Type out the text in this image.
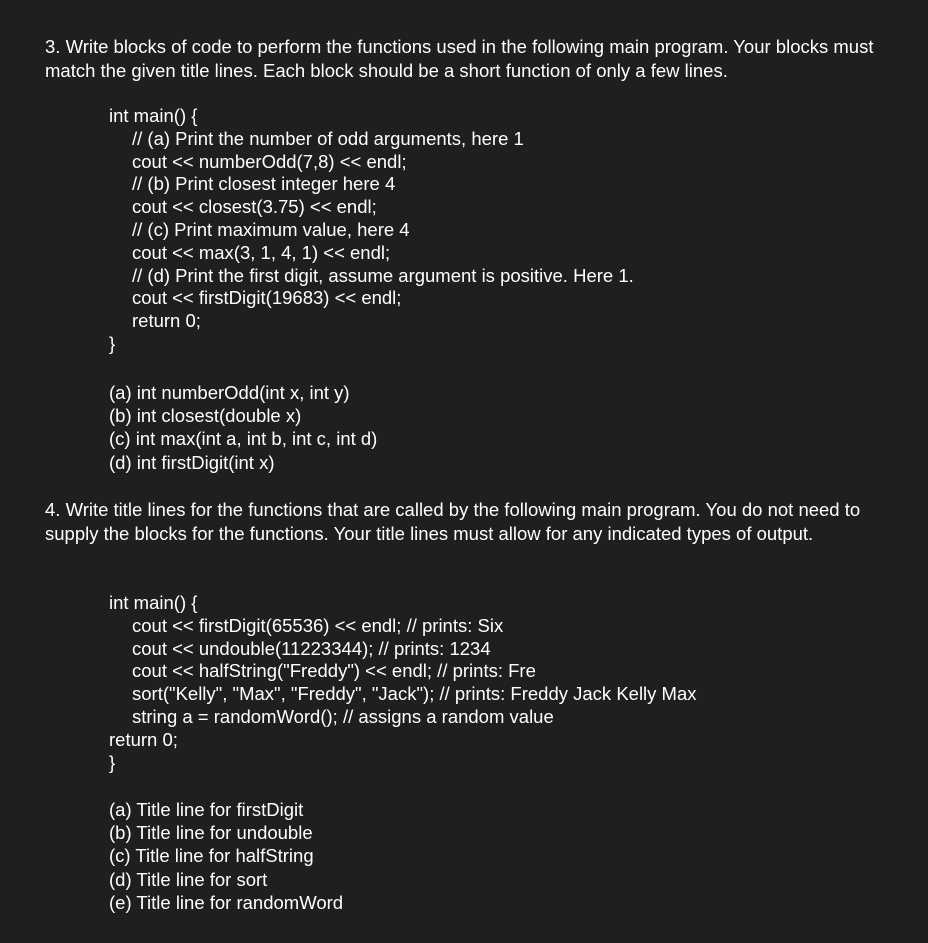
3. Write blocks of code to perform the functions used in the following main program. Your blocks must match the given title lines. Each block should be a short function of only a few lines.

int main() {
// (a) Print the number of odd arguments, here 1
cout << numberOdd(7,8) << endl;
// (b) Print closest integer here 4
cout << closest(3.75) << endl;
// (c) Print maximum value, here 4
cout << max(3, 1, 4, 1) << endl;
// (d) Print the first digit, assume argument is positive. Here 1.
cout << firstDigit(19683) << endl;
return 0;
}
(a) int numberOdd(int x, int y)
(b) int closest(double x)
(c) int max(int a, int b, int c, int d)
(d) int firstDigit(int x)

4. Write title lines for the functions that are called by the following main program. You do not need to supply the blocks for the functions. Your title lines must allow for any indicated types of output.

int main() {
cout << firstDigit(65536) << endl; // prints: Six
cout << undouble(11223344); // prints: 1234
cout << halfString("Freddy") << endl; // prints: Fre
sort("Kelly", "Max", "Freddy", "Jack"); // prints: Freddy Jack Kelly Max
string a = randomWord(); // assigns a random value
return 0;
}
(a) Title line for firstDigit
(b) Title line for undouble
(c) Title line for halfString
(d) Title line for sort
(e) Title line for randomWord
